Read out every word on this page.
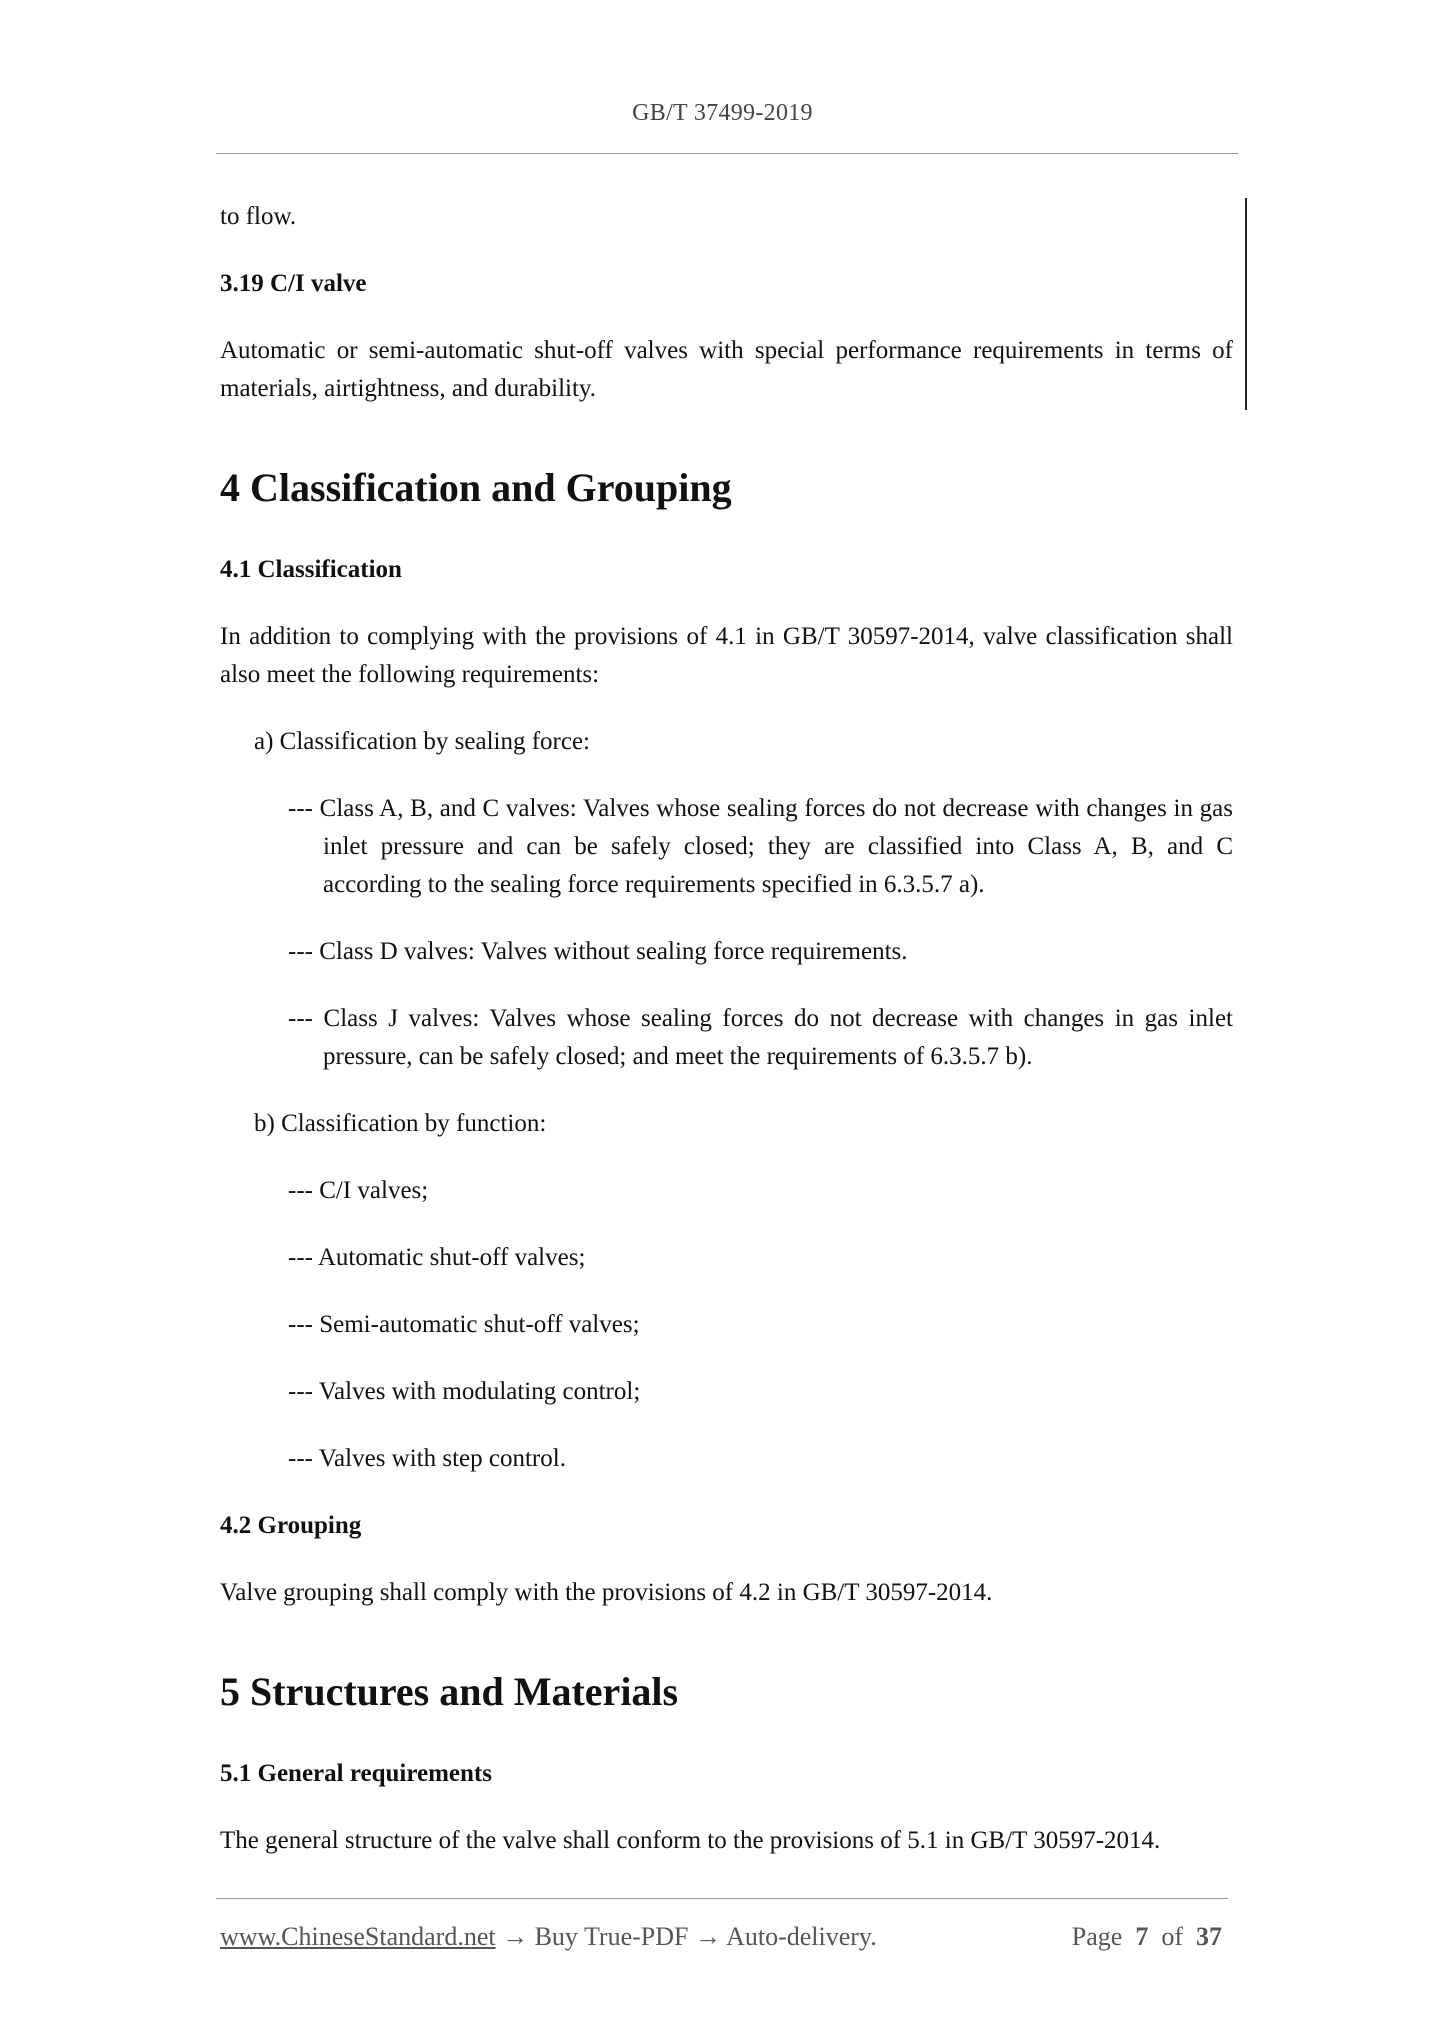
GB/T 37499-2019

to flow.

3.19 C/I valve

Automatic or semi-automatic shut-off valves with special performance requirements in terms of materials, airtightness, and durability.

4 Classification and Grouping
4.1 Classification

In addition to complying with the provisions of 4.1 in GB/T 30597-2014, valve classification shall also meet the following requirements:

a) Classification by sealing force:
--- Class A, B, and C valves: Valves whose sealing forces do not decrease with changes in gas inlet pressure and can be safely closed; they are classified into Class A, B, and C according to the sealing force requirements specified in 6.3.5.7 a).
--- Class D valves: Valves without sealing force requirements.
--- Class J valves: Valves whose sealing forces do not decrease with changes in gas inlet pressure, can be safely closed; and meet the requirements of 6.3.5.7 b).
b) Classification by function:
--- C/I valves;
--- Automatic shut-off valves;
--- Semi-automatic shut-off valves;
--- Valves with modulating control;
--- Valves with step control.
4.2 Grouping

Valve grouping shall comply with the provisions of 4.2 in GB/T 30597-2014.

5 Structures and Materials
5.1 General requirements

The general structure of the valve shall conform to the provisions of 5.1 in GB/T 30597-2014.

www.ChineseStandard.net → Buy True-PDF → Auto-delivery.	Page 7 of 37
